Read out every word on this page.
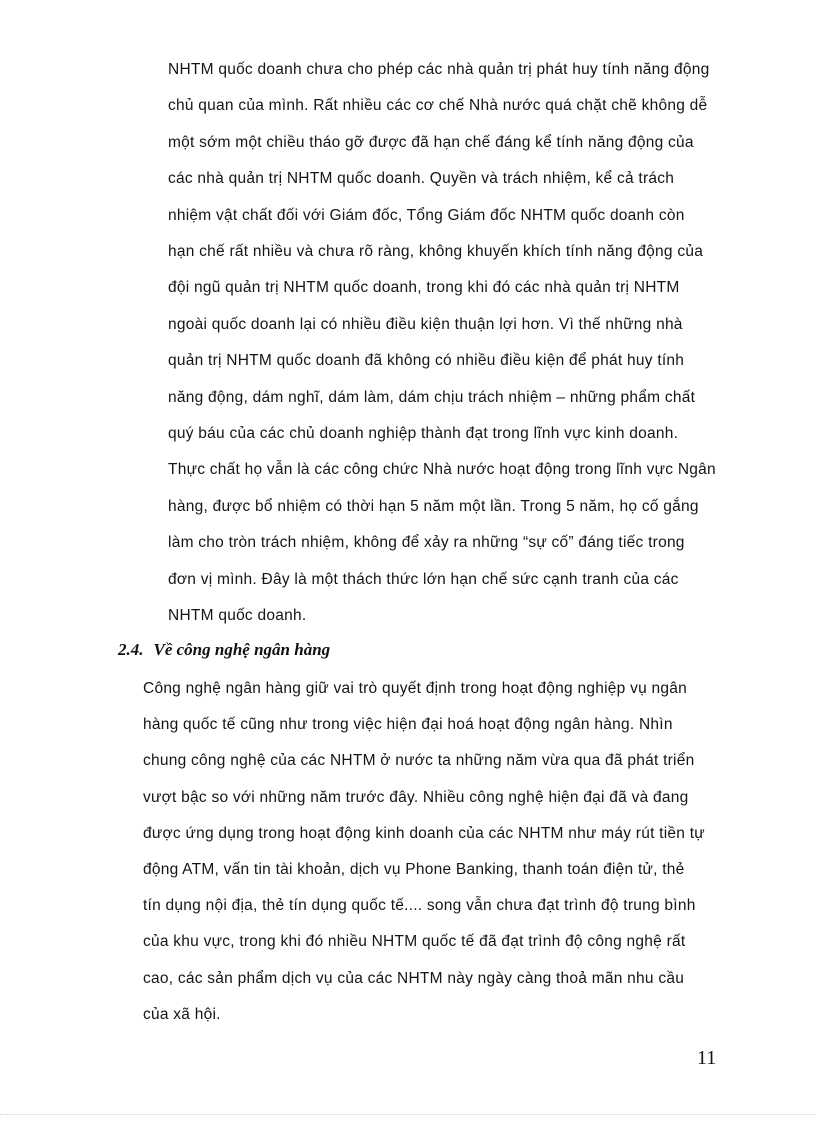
NHTM quốc doanh chưa cho phép các nhà quản trị phát huy tính năng động
chủ quan của mình. Rất nhiều các cơ chế Nhà nước quá chặt chẽ không dễ
một sớm một chiều tháo gỡ được đã hạn chế đáng kể tính năng động của
các nhà quản trị NHTM quốc doanh. Quyền và trách nhiệm, kể cả trách
nhiệm vật chất đối với Giám đốc, Tổng Giám đốc NHTM quốc doanh còn
hạn chế rất nhiều và chưa rõ ràng, không khuyến khích tính năng động của
đội ngũ quản trị NHTM quốc doanh, trong khi đó các nhà quản trị NHTM
ngoài quốc doanh lại có nhiều điều kiện thuận lợi hơn. Vì thế những nhà
quản trị NHTM quốc doanh đã không có nhiều điều kiện để phát huy tính
năng động, dám nghĩ, dám làm, dám chịu trách nhiệm – những phẩm chất
quý báu của các chủ doanh nghiệp thành đạt trong lĩnh vực kinh doanh.
Thực chất họ vẫn là các công chức Nhà nước hoạt động trong lĩnh vực Ngân
hàng, được bổ nhiệm có thời hạn 5 năm một lần. Trong 5 năm, họ cố gắng
làm cho tròn trách nhiệm, không để xảy ra những “sự cố” đáng tiếc trong
đơn vị mình. Đây là một thách thức lớn hạn chế sức cạnh tranh của các
NHTM quốc doanh.
2.4. Về công nghệ ngân hàng
Công nghệ ngân hàng giữ vai trò quyết định trong hoạt động nghiệp vụ ngân
hàng quốc tế cũng như trong việc hiện đại hoá hoạt động ngân hàng. Nhìn
chung công nghệ của các NHTM ở nước ta những năm vừa qua đã phát triển
vượt bậc so với những năm trước đây. Nhiều công nghệ hiện đại đã và đang
được ứng dụng trong hoạt động kinh doanh của các NHTM như máy rút tiền tự
động ATM, vấn tin tài khoản, dịch vụ Phone Banking, thanh toán điện tử, thẻ
tín dụng nội địa, thẻ tín dụng quốc tế.... song vẫn chưa đạt trình độ trung bình
của khu vực, trong khi đó nhiều NHTM quốc tế đã đạt trình độ công nghệ rất
cao, các sản phẩm dịch vụ của các NHTM này ngày càng thoả mãn nhu cầu
của xã hội.
11
